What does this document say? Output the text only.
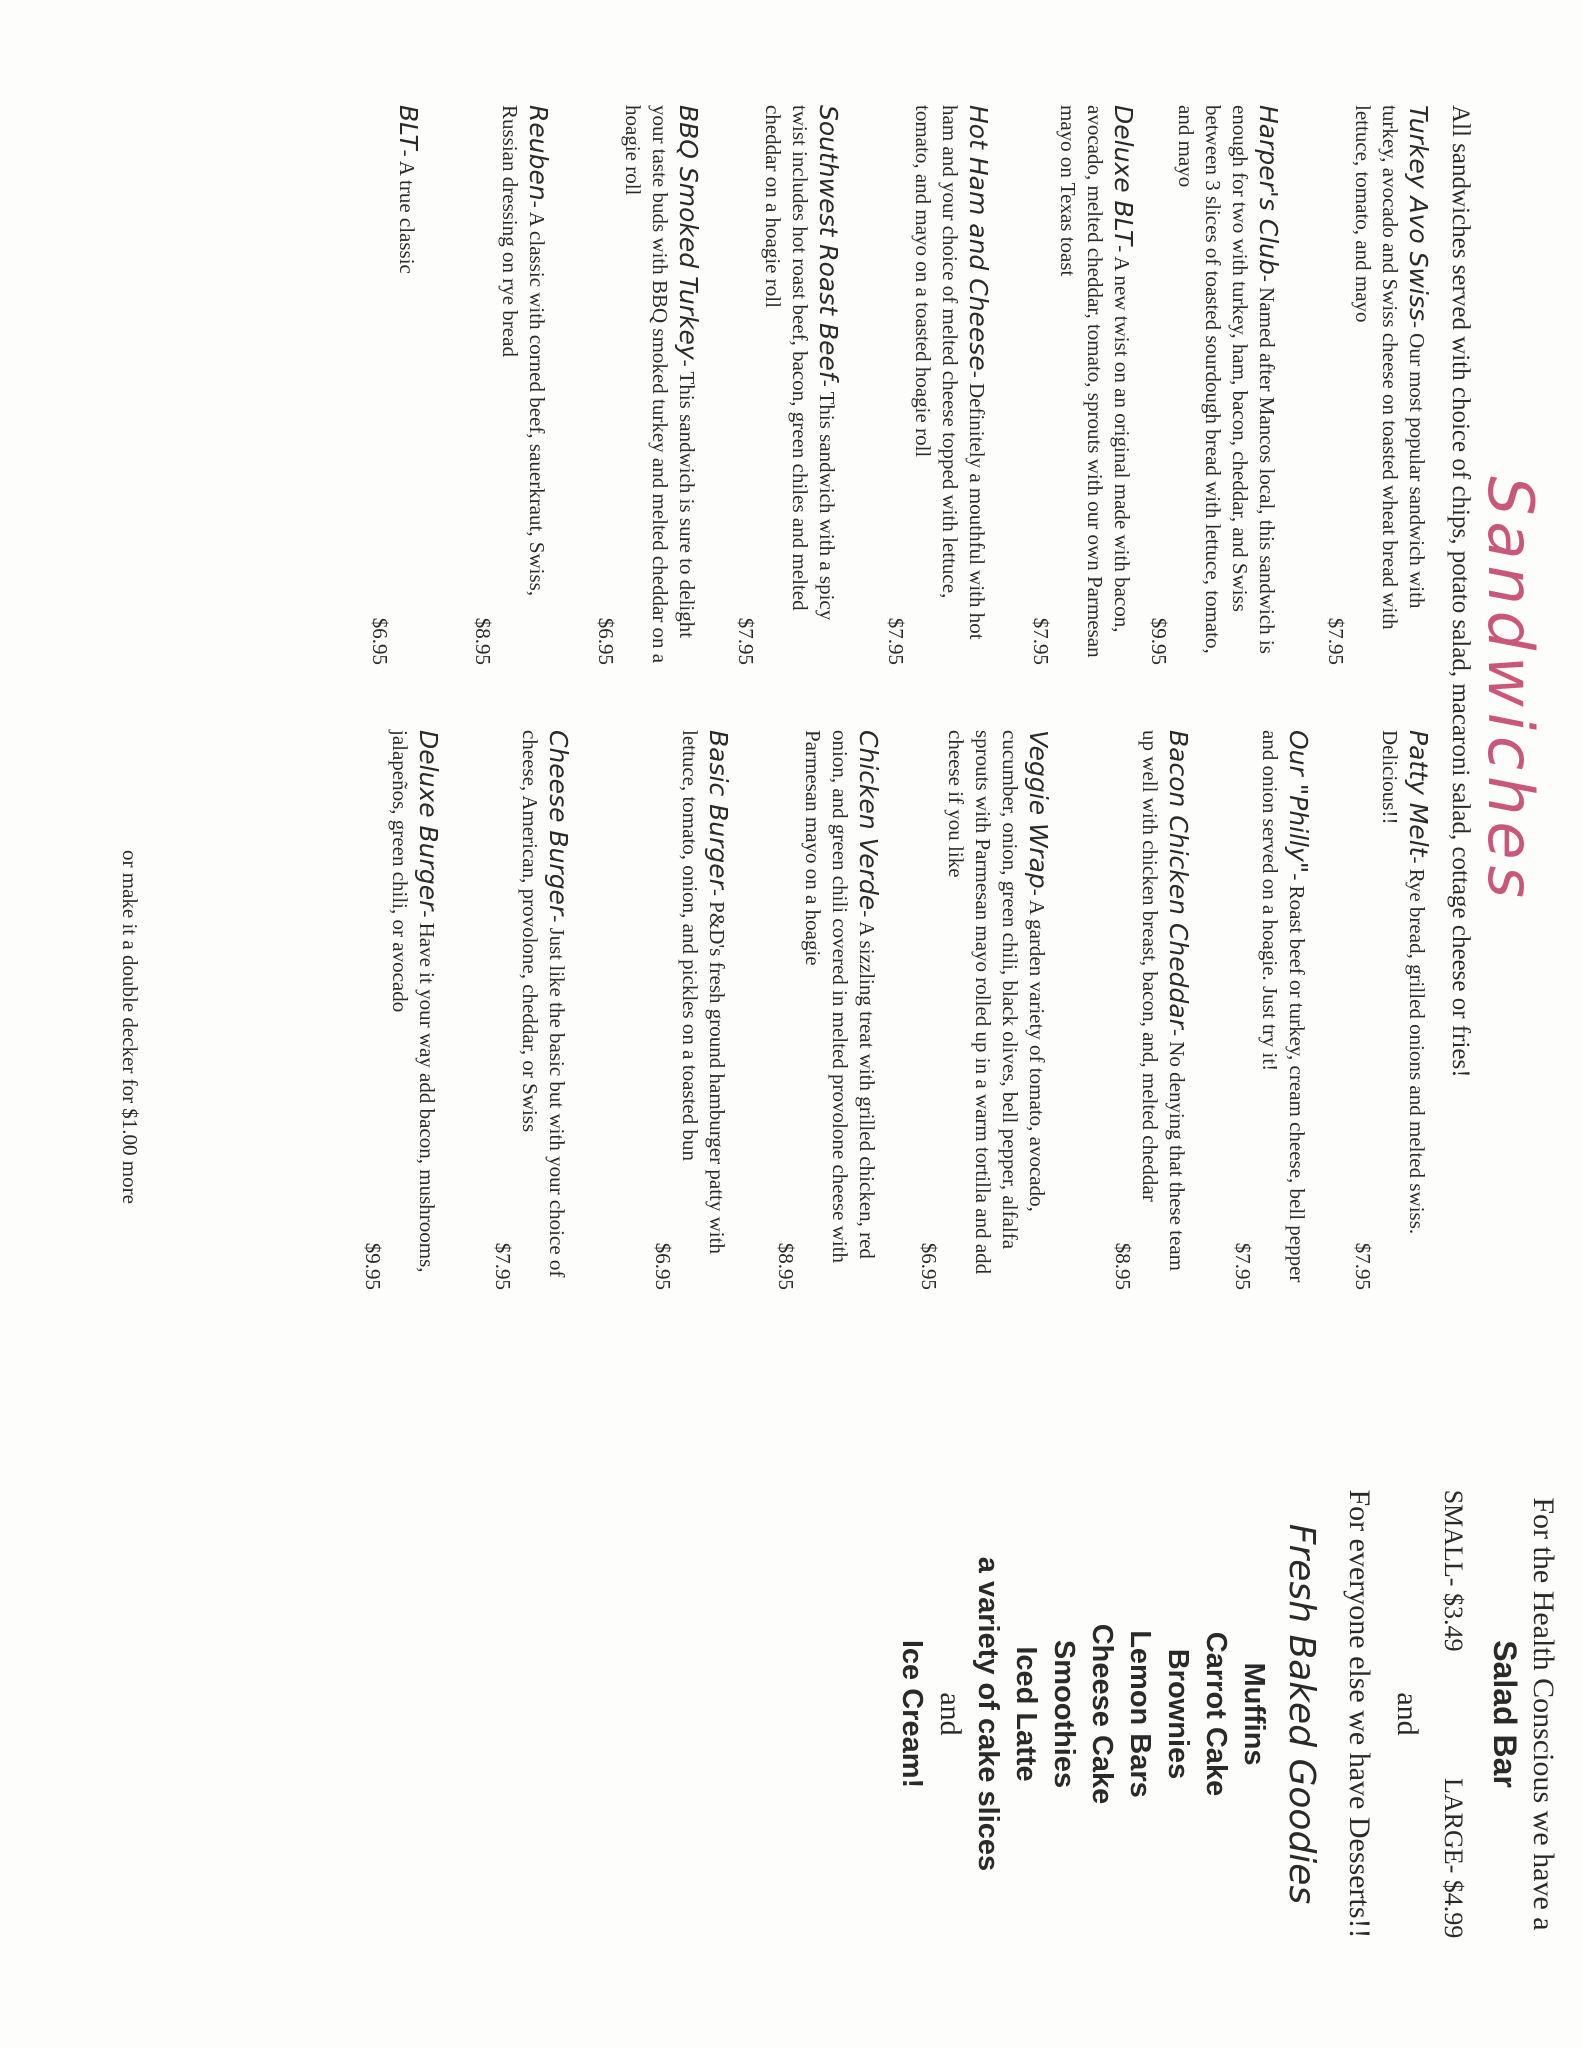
Sandwiches
All sandwiches served with choice of chips, potato salad, macaroni salad, cottage cheese or fries!
Turkey Avo Swiss- Our most popular sandwich with turkey, avocado and Swiss cheese on toasted wheat bread with lettuce, tomato, and mayo
$7.95
Harper's Club- Named after Mancos local, this sandwich is enough for two with turkey, ham, bacon, cheddar, and Swiss between 3 slices of toasted sourdough bread with lettuce, tomato, and mayo
$9.95
Deluxe BLT- A new twist on an original made with bacon, avocado, melted cheddar, tomato, sprouts with our own Parmesan mayo on Texas toast
$7.95
Hot Ham and Cheese- Definitely a mouthful with hot ham and your choice of melted cheese topped with lettuce, tomato, and mayo on a toasted hoagie roll
$7.95
Southwest Roast Beef- This sandwich with a spicy twist includes hot roast beef, bacon, green chiles and melted cheddar on a hoagie roll
$7.95
BBQ Smoked Turkey- This sandwich is sure to delight your taste buds with BBQ smoked turkey and melted cheddar on a hoagie roll
$6.95
Reuben- A classic with corned beef, sauerkraut, Swiss, Russian dressing on rye bread
$8.95
BLT- A true classic
$6.95
Patty Melt- Rye bread, grilled onions and melted swiss. Delicious!!
$7.95
Our "Philly"- Roast beef or turkey, cream cheese, bell pepper and onion served on a hoagie. Just try it!
$7.95
Bacon Chicken Cheddar- No denying that these team up well with chicken breast, bacon, and, melted cheddar
$8.95
Veggie Wrap- A garden variety of tomato, avocado, cucumber, onion, green chili, black olives, bell pepper, alfalfa sprouts with Parmesan mayo rolled up in a warm tortilla and add cheese if you like
$6.95
Chicken Verde- A sizzling treat with grilled chicken, red onion, and green chili covered in melted provolone cheese with Parmesan mayo on a hoagie
$8.95
Basic Burger- P&D's fresh ground hamburger patty with lettuce, tomato, onion, and pickles on a toasted bun
$6.95
Cheese Burger- Just like the basic but with your choice of cheese, American, provolone, cheddar, or Swiss
$7.95
Deluxe Burger- Have it your way add bacon, mushrooms, jalapeños, green chili, or avocado
$9.95
or make it a double decker for $1.00 more
For the Health Conscious we have a
Salad Bar
SMALL- $3.49 LARGE- $4.99
and
For everyone else we have Desserts!!
Fresh Baked Goodies
Muffins
Carrot Cake
Brownies
Lemon Bars
Cheese Cake
Smoothies
Iced Latte
a variety of cake slices
and
Ice Cream!
